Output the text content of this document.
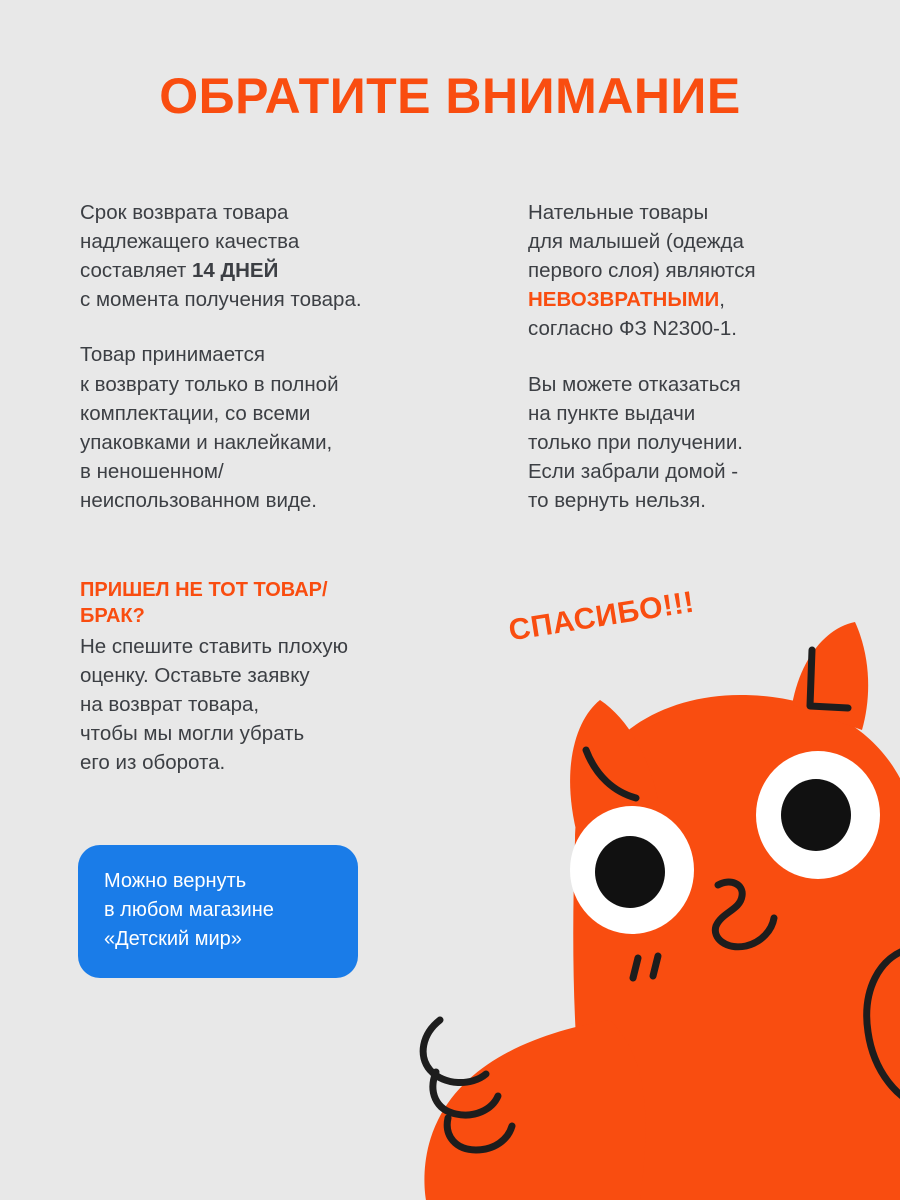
ОБРАТИТЕ ВНИМАНИЕ
Срок возврата товара
надлежащего качества
составляет 14 ДНЕЙ
с момента получения товара.
Товар принимается
к возврату только в полной
комплектации, со всеми
упаковками и наклейками,
в неношенном/
неиспользованном виде.
ПРИШЕЛ НЕ ТОТ ТОВАР/
БРАК?
Не спешите ставить плохую
оценку. Оставьте заявку
на возврат товара,
чтобы мы могли убрать
его из оборота.
Нательные товары
для малышей (одежда
первого слоя) являются
НЕВОЗВРАТНЫМИ,
согласно ФЗ N2300-1.
Вы можете отказаться
на пункте выдачи
только при получении.
Если забрали домой -
то вернуть нельзя.
Можно вернуть
в любом магазине
«Детский мир»
СПАСИБО!!!
